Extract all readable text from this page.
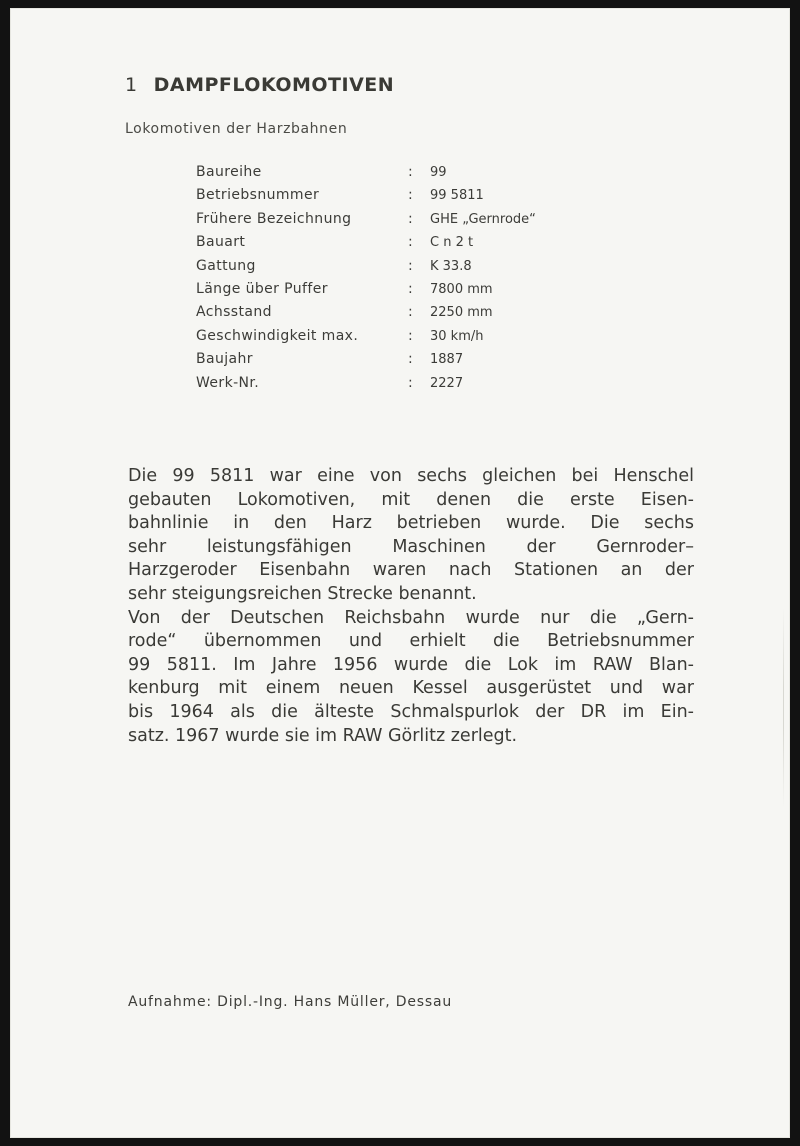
1 DAMPFLOKOMOTIVEN
Lokomotiven der Harzbahnen
Baureihe	: 99
Betriebsnummer	: 99 5811
Frühere Bezeichnung	: GHE „Gernrode“
Bauart	: C n 2 t
Gattung	: K 33.8
Länge über Puffer	: 7800 mm
Achsstand	: 2250 mm
Geschwindigkeit max.	: 30 km/h
Baujahr	: 1887
Werk-Nr.	: 2227
Die 99 5811 war eine von sechs gleichen bei Henschel
gebauten Lokomotiven, mit denen die erste Eisen-
bahnlinie in den Harz betrieben wurde. Die sechs
sehr leistungsfähigen Maschinen der Gernroder–
Harzgeroder Eisenbahn waren nach Stationen an der
sehr steigungsreichen Strecke benannt.
Von der Deutschen Reichsbahn wurde nur die „Gern-
rode“ übernommen und erhielt die Betriebsnummer
99 5811. Im Jahre 1956 wurde die Lok im RAW Blan-
kenburg mit einem neuen Kessel ausgerüstet und war
bis 1964 als die älteste Schmalspurlok der DR im Ein-
satz. 1967 wurde sie im RAW Görlitz zerlegt.
Aufnahme: Dipl.-Ing. Hans Müller, Dessau
